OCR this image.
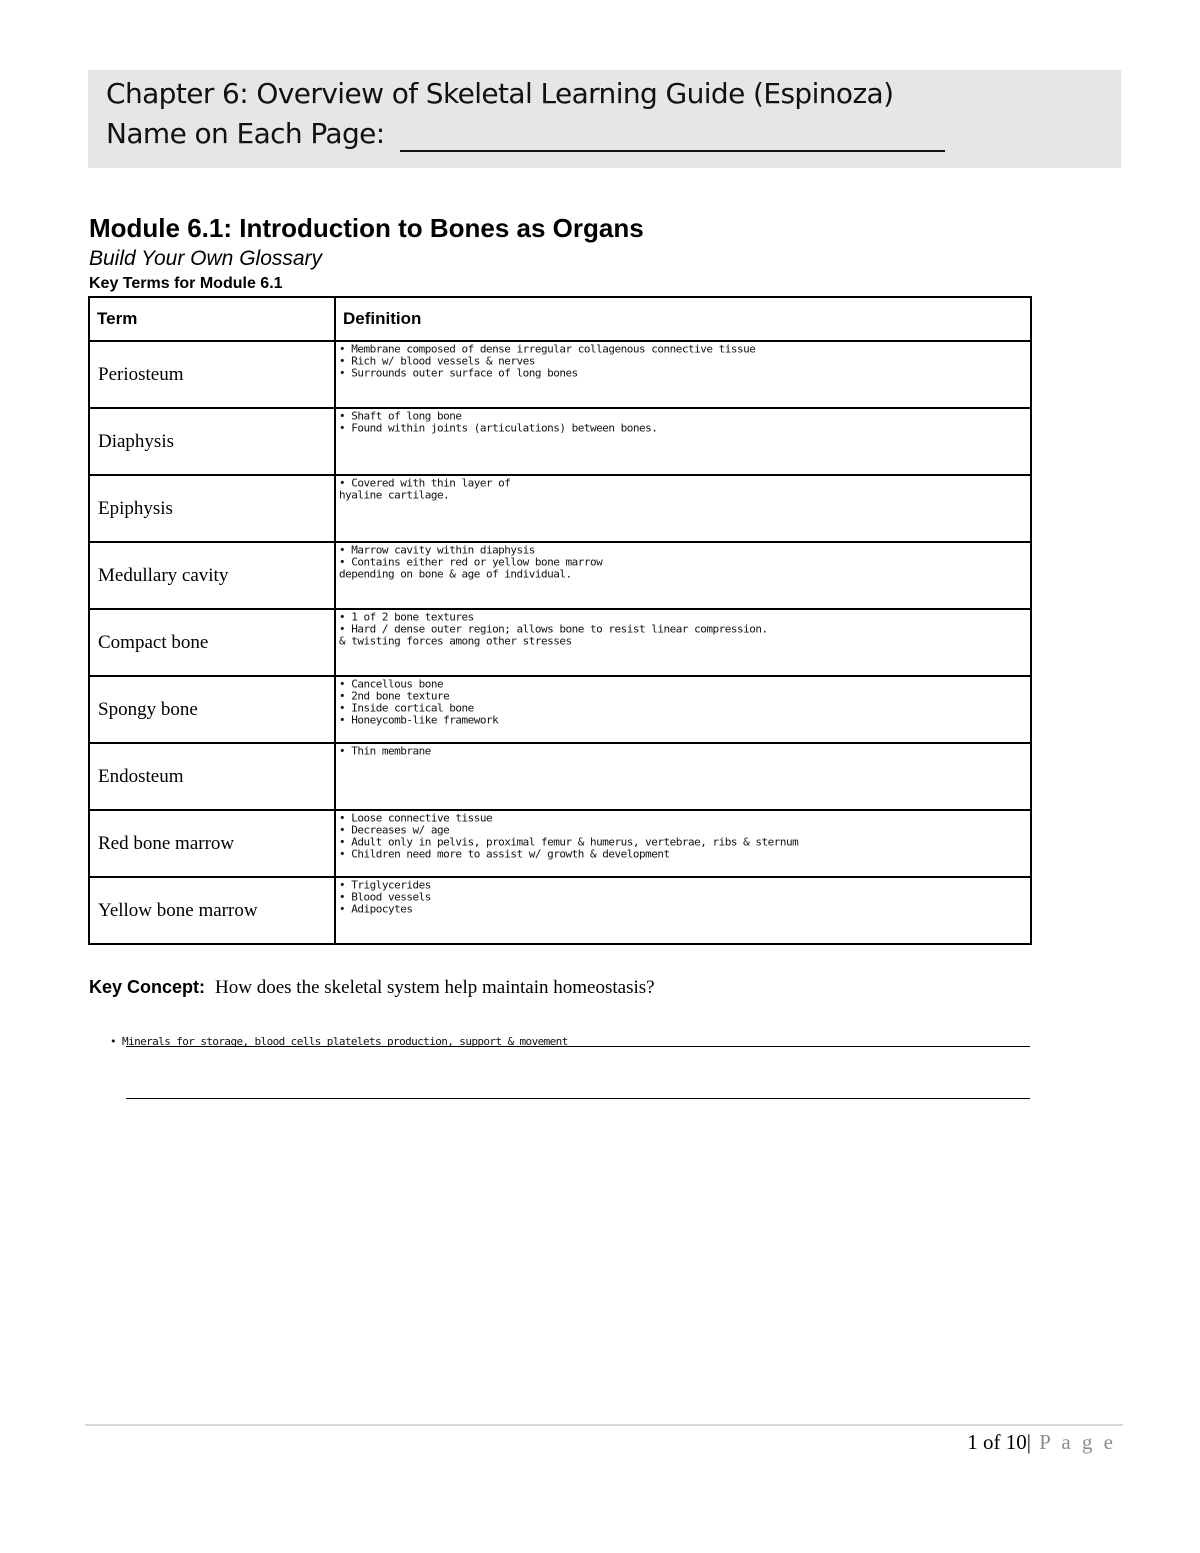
Chapter 6: Overview of Skeletal Learning Guide (Espinoza)
Name on Each Page:
Module 6.1: Introduction to Bones as Organs
Build Your Own Glossary
Key Terms for Module 6.1
Term	Definition
Periosteum	• Membrane composed of dense irregular collagenous connective tissue
• Rich w/ blood vessels & nerves
• Surrounds outer surface of long bones

Diaphysis	• Shaft of long bone
• Found within joints (articulations) between bones.

Epiphysis	• Covered with thin layer of
hyaline cartilage.

Medullary cavity	• Marrow cavity within diaphysis
• Contains either red or yellow bone marrow
depending on bone & age of individual.

Compact bone	• 1 of 2 bone textures
• Hard / dense outer region; allows bone to resist linear compression.
& twisting forces among other stresses

Spongy bone	• Cancellous bone
• 2nd bone texture
• Inside cortical bone
• Honeycomb-like framework

Endosteum	• Thin membrane

Red bone marrow	• Loose connective tissue
• Decreases w/ age
• Adult only in pelvis, proximal femur & humerus, vertebrae, ribs & sternum
• Children need more to assist w/ growth & development

Yellow bone marrow	• Triglycerides
• Blood vessels
• Adipocytes
Key Concept: How does the skeletal system help maintain homeostasis?
• Minerals for storage, blood cells platelets production, support & movement
1 of 10| P a g e
